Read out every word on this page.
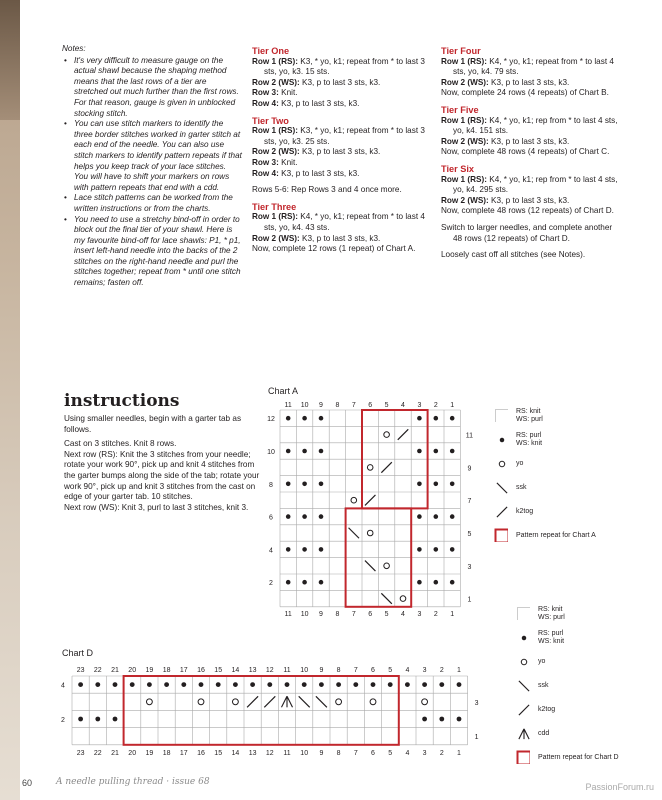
Notes:
• It's very difficult to measure gauge on the actual shawl because the shaping method means that the last rows of a tier are stretched out much further than the first rows. For that reason, gauge is given in unblocked stocking stitch.
• You can use stitch markers to identify the three border stitches worked in garter stitch at each end of the needle. You can also use stitch markers to identify pattern repeats if that helps you keep track of your lace stitches. You will have to shift your markers on rows with pattern repeats that end with a cdd.
• Lace stitch patterns can be worked from the written instructions or from the charts.
• You need to use a stretchy bind-off in order to block out the final tier of your shawl. Here is my favourite bind-off for lace shawls: P1, * p1, insert left-hand needle into the backs of the 2 stitches on the right-hand needle and purl the stitches together; repeat from * until one stitch remains; fasten off.
Tier One
Row 1 (RS): K3, * yo, k1; repeat from * to last 3 sts, yo, k3. 15 sts.
Row 2 (WS): K3, p to last 3 sts, k3.
Row 3: Knit.
Row 4: K3, p to last 3 sts, k3.
Tier Two
Row 1 (RS): K3, * yo, k1; repeat from * to last 3 sts, yo, k3. 25 sts.
Row 2 (WS): K3, p to last 3 sts, k3.
Row 3: Knit.
Row 4: K3, p to last 3 sts, k3.
Rows 5-6: Rep Rows 3 and 4 once more.
Tier Three
Row 1 (RS): K4, * yo, k1; repeat from * to last 4 sts, yo, k4. 43 sts.
Row 2 (WS): K3, p to last 3 sts, k3.
Now, complete 12 rows (1 repeat) of Chart A.
Tier Four
Row 1 (RS): K4, * yo, k1; repeat from * to last 4 sts, yo, k4. 79 sts.
Row 2 (WS): K3, p to last 3 sts, k3.
Now, complete 24 rows (4 repeats) of Chart B.
Tier Five
Row 1 (RS): K4, * yo, k1; rep from * to last 4 sts, yo, k4. 151 sts.
Row 2 (WS): K3, p to last 3 sts, k3.
Now, complete 48 rows (4 repeats) of Chart C.
Tier Six
Row 1 (RS): K4, * yo, k1; rep from * to last 4 sts, yo, k4. 295 sts.
Row 2 (WS): K3, p to last 3 sts, k3.
Now, complete 48 rows (12 repeats) of Chart D.
Switch to larger needles, and complete another 48 rows (12 repeats) of Chart D.
Loosely cast off all stitches (see Notes).
instructions

Using smaller needles, begin with a garter tab as follows.

Cast on 3 stitches. Knit 8 rows.

Next row (RS): Knit the 3 stitches from your needle; rotate your work 90°, pick up and knit 4 stitches from the garter bumps along the side of the tab; rotate your work 90°, pick up and knit 3 stitches from the cast on edge of your garter tab. 10 stitches.

Next row (WS): Knit 3, purl to last 3 stitches, knit 3.

Chart A
11
11
10
10
9
9
8
8
7
7
6
6
5
5
4
4
3
3
2
2
1
1
12
10
8
6
4
2
11
9
7
5
3
1
RS: knit
WS: purl
RS: purl
WS: knit
yo
ssk
k2tog
Pattern repeat for Chart A
Chart D
23
23
22
22
21
21
20
20
19
19
18
18
17
17
16
16
15
15
14
14
13
13
12
12
11
11
10
10
9
9
8
8
7
7
6
6
5
5
4
4
3
3
2
2
1
1
4
2
3
1
RS: knit
WS: purl
RS: purl
WS: knit
yo
ssk
k2tog
cdd
Pattern repeat for Chart D
60	A needle pulling thread · issue 68	PassionForum.ru
